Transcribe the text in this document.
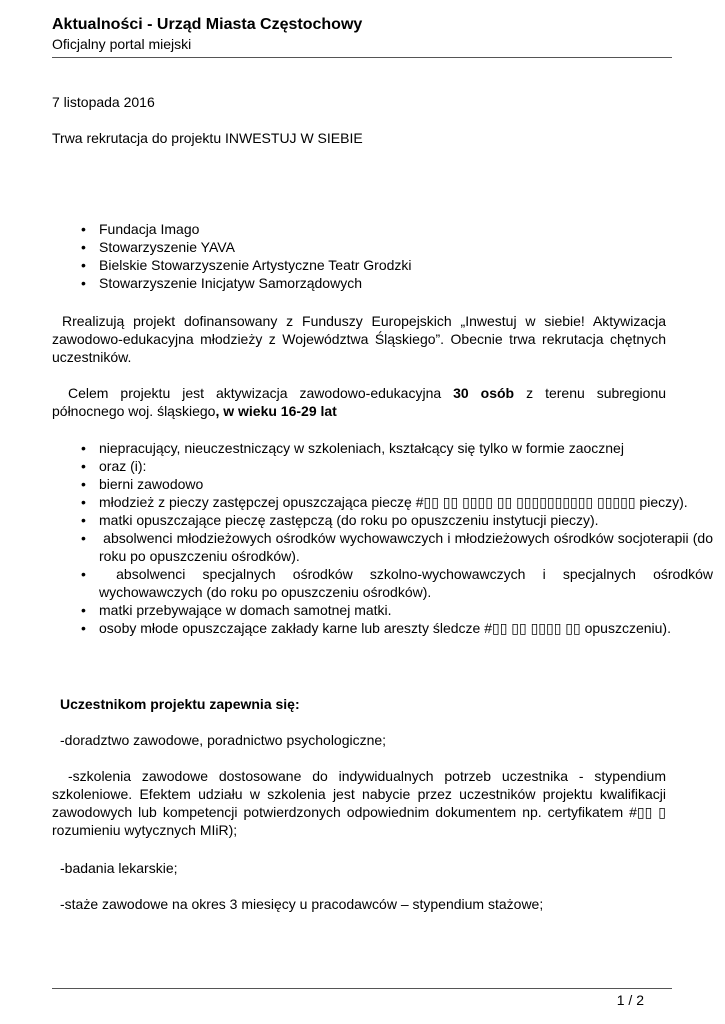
Aktualności - Urząd Miasta Częstochowy
Oficjalny portal miejski

7 listopada 2016

Trwa rekrutacja do projektu INWESTUJ W SIEBIE

• Fundacja Imago
• Stowarzyszenie YAVA
• Bielskie Stowarzyszenie Artystyczne Teatr Grodzki
• Stowarzyszenie Inicjatyw Samorządowych

Rrealizują projekt dofinansowany z Funduszy Europejskich „Inwestuj w siebie! Aktywizacja zawodowo-edukacyjna młodzieży z Województwa Śląskiego”. Obecnie trwa rekrutacja chętnych uczestników.

Celem projektu jest aktywizacja zawodowo-edukacyjna 30 osób z terenu subregionu północnego woj. śląskiego, w wieku 16-29 lat

• niepracujący, nieuczestniczący w szkoleniach, kształcący się tylko w formie zaocznej
• oraz (i):
• bierni zawodowo
• młodzież z pieczy zastępczej opuszczająca pieczę #▯▯ ▯▯ ▯▯▯▯ ▯▯ ▯▯▯▯▯▯▯▯▯▯ ▯▯▯▯▯ pieczy).
• matki opuszczające pieczę zastępczą (do roku po opuszczeniu instytucji pieczy).
•  absolwenci młodzieżowych ośrodków wychowawczych i młodzieżowych ośrodków socjoterapii (do roku po opuszczeniu ośrodków).
•  absolwenci specjalnych ośrodków szkolno-wychowawczych i specjalnych ośrodków wychowawczych (do roku po opuszczeniu ośrodków).
• matki przebywające w domach samotnej matki.
• osoby młode opuszczające zakłady karne lub areszty śledcze #▯▯ ▯▯ ▯▯▯▯ ▯▯ opuszczeniu).

Uczestnikom projektu zapewnia się:

-doradztwo zawodowe, poradnictwo psychologiczne;

-szkolenia zawodowe dostosowane do indywidualnych potrzeb uczestnika - stypendium szkoleniowe. Efektem udziału w szkolenia jest nabycie przez uczestników projektu kwalifikacji zawodowych lub kompetencji potwierdzonych odpowiednim dokumentem np. certyfikatem #▯▯ ▯ rozumieniu wytycznych MIiR);

-badania lekarskie;

-staże zawodowe na okres 3 miesięcy u pracodawców – stypendium stażowe;

1 / 2
